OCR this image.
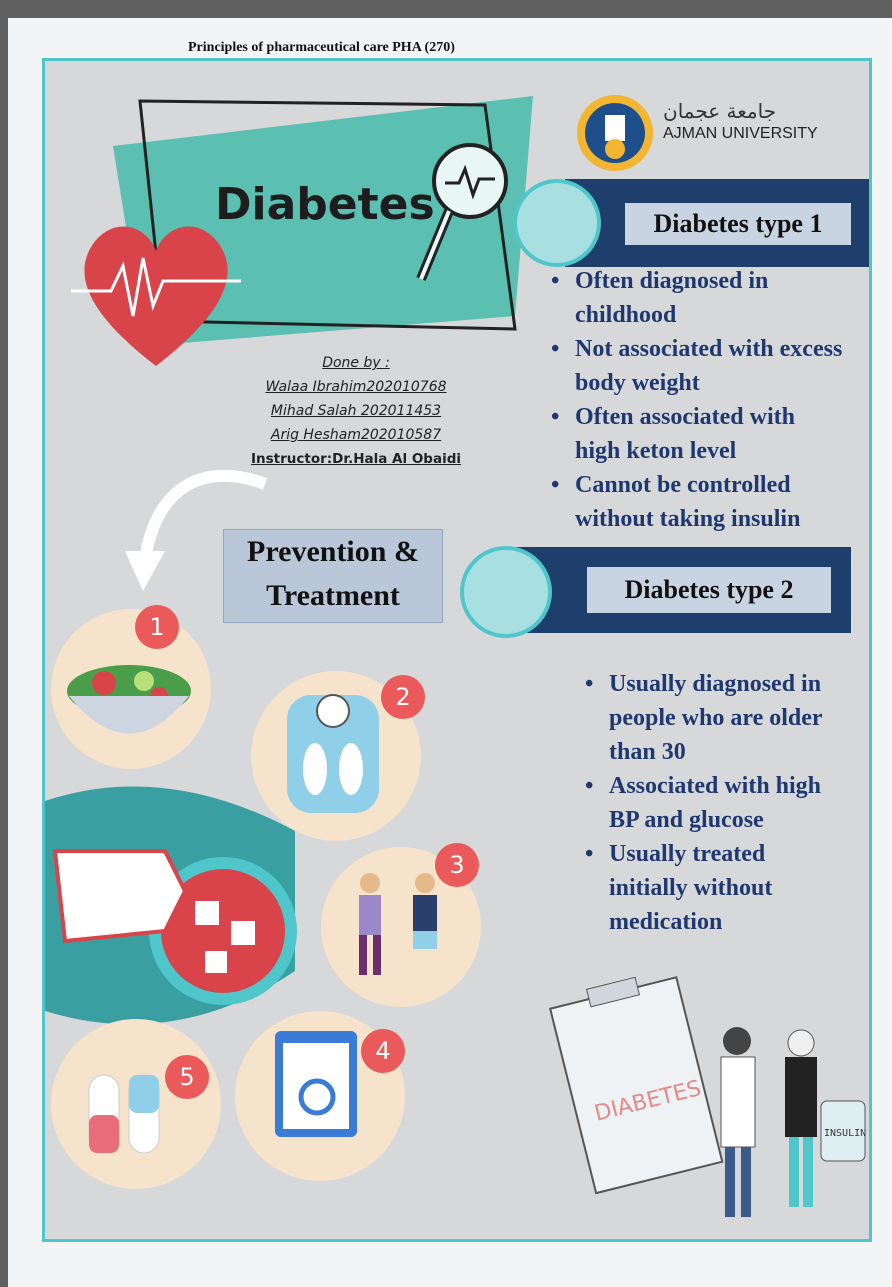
Principles of pharmaceutical care PHA (270)
Diabetes
Done by :
Walaa Ibrahim202010768
Mihad Salah 202011453
Arig Hesham202010587
Instructor:Dr.Hala Al Obaidi
جامعة عجمان
AJMAN UNIVERSITY
Diabetes type 1
• Often diagnosed in childhood
• Not associated with excess body weight
• Often associated with high keton level
• Cannot be controlled without taking insulin
Prevention &
Treatment	Diabetes type 2
• Usually diagnosed in people who are older than 30
• Associated with high BP and glucose
• Usually treated initially without medication
1
2
3
4
5	DIABETES
INSULIN
